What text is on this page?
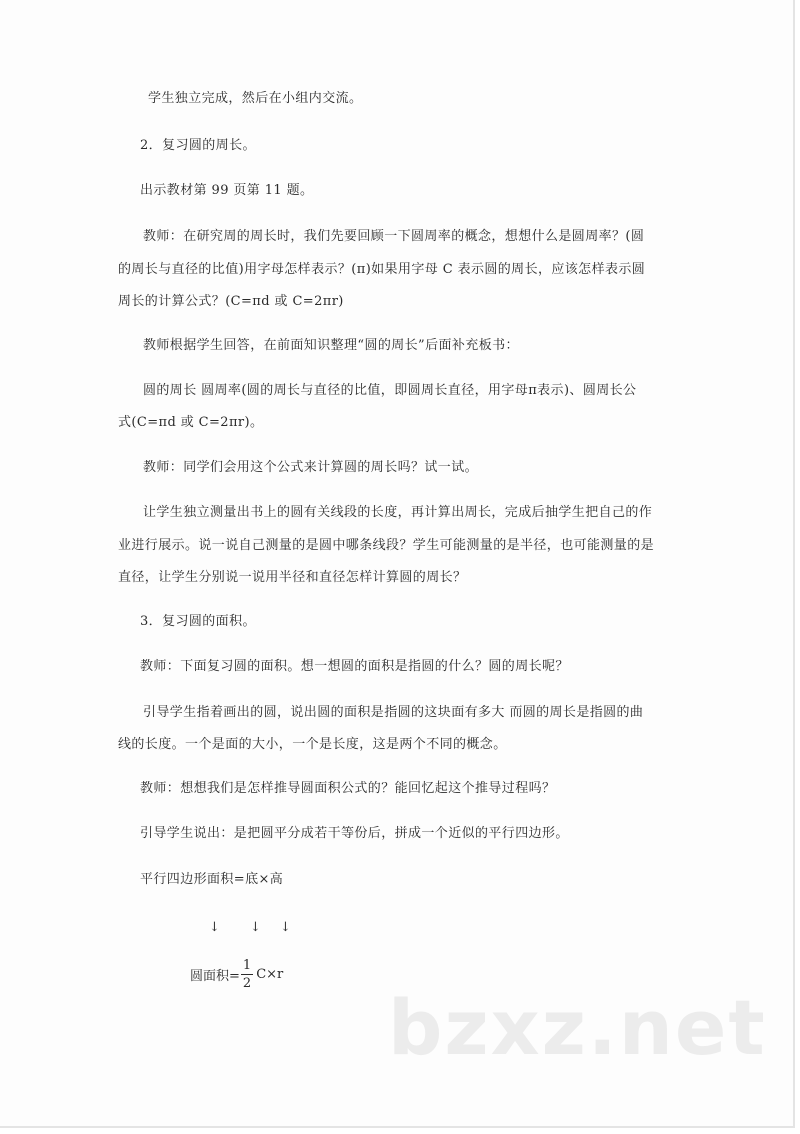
学生独立完成，然后在小组内交流。
2．复习圆的周长。
出示教材第 99 页第 11 题。
教师：在研究周的周长时，我们先要回顾一下圆周率的概念，想想什么是圆周率？(圆
的周长与直径的比值)用字母怎样表示？(π)如果用字母 C 表示圆的周长，应该怎样表示圆
周长的计算公式？(C=πd 或 C=2πr)
教师根据学生回答，在前面知识整理“圆的周长”后面补充板书：
圆的周长 圆周率(圆的周长与直径的比值，即圆周长直径，用字母π表示)、圆周长公
式(C=πd 或 C=2πr)。
教师：同学们会用这个公式来计算圆的周长吗？试一试。
让学生独立测量出书上的圆有关线段的长度，再计算出周长，完成后抽学生把自己的作
业进行展示。说一说自己测量的是圆中哪条线段？学生可能测量的是半径，也可能测量的是
直径，让学生分别说一说用半径和直径怎样计算圆的周长？
3．复习圆的面积。
教师：下面复习圆的面积。想一想圆的面积是指圆的什么？圆的周长呢？
引导学生指着画出的圆，说出圆的面积是指圆的这块面有多大 而圆的周长是指圆的曲
线的长度。一个是面的大小，一个是长度，这是两个不同的概念。
教师：想想我们是怎样推导圆面积公式的？能回忆起这个推导过程吗？
引导学生说出：是把圆平分成若干等份后，拼成一个近似的平行四边形。
平行四边形面积=底×高
↓ ↓ ↓
圆面积= $\frac{1}{2} C\times r$
bzxz.net
